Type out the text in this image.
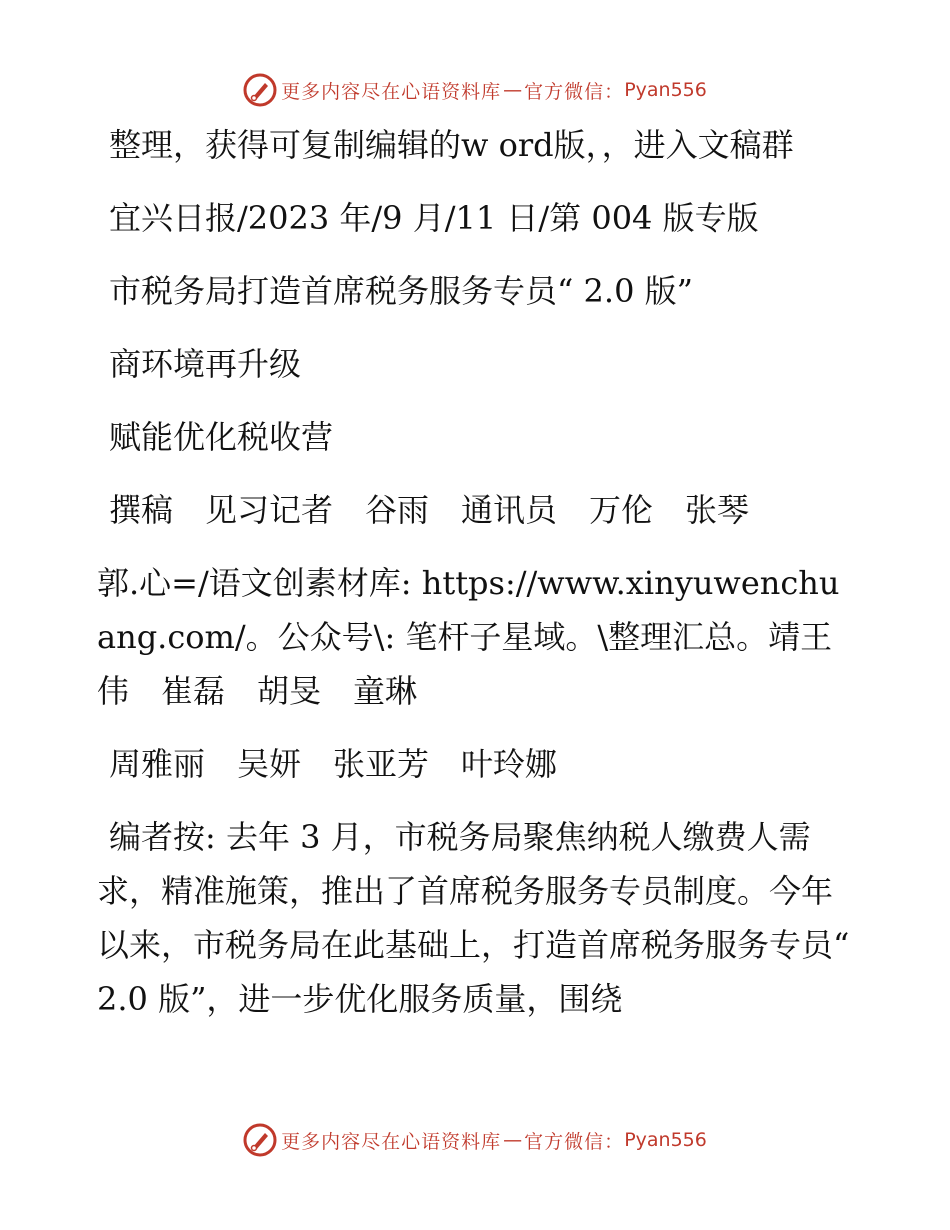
更多内容尽在心语资料库 — 官方微信： Pyan556

整理，获得可复制编辑的w ord版，，进入文稿群

宜兴日报/2023 年/9 月/11 日/第 004 版专版

市税务局打造首席税务服务专员“ 2.0 版”

商环境再升级

赋能优化税收营

撰稿　见习记者　谷雨　通讯员　万伦　张琴

郭.心=/语文创素材库: https://www.xinyuwenchuang.com/。公众号\: 笔杆子星域。\整理汇总。靖王伟　崔磊　胡旻　童琳

周雅丽　吴妍　张亚芳　叶玲娜

编者按: 去年 3 月，市税务局聚焦纳税人缴费人需求，精准施策，推出了首席税务服务专员制度。今年以来，市税务局在此基础上，打造首席税务服务专员“ 2.0 版”，进一步优化服务质量，围绕

更多内容尽在心语资料库 — 官方微信： Pyan556
